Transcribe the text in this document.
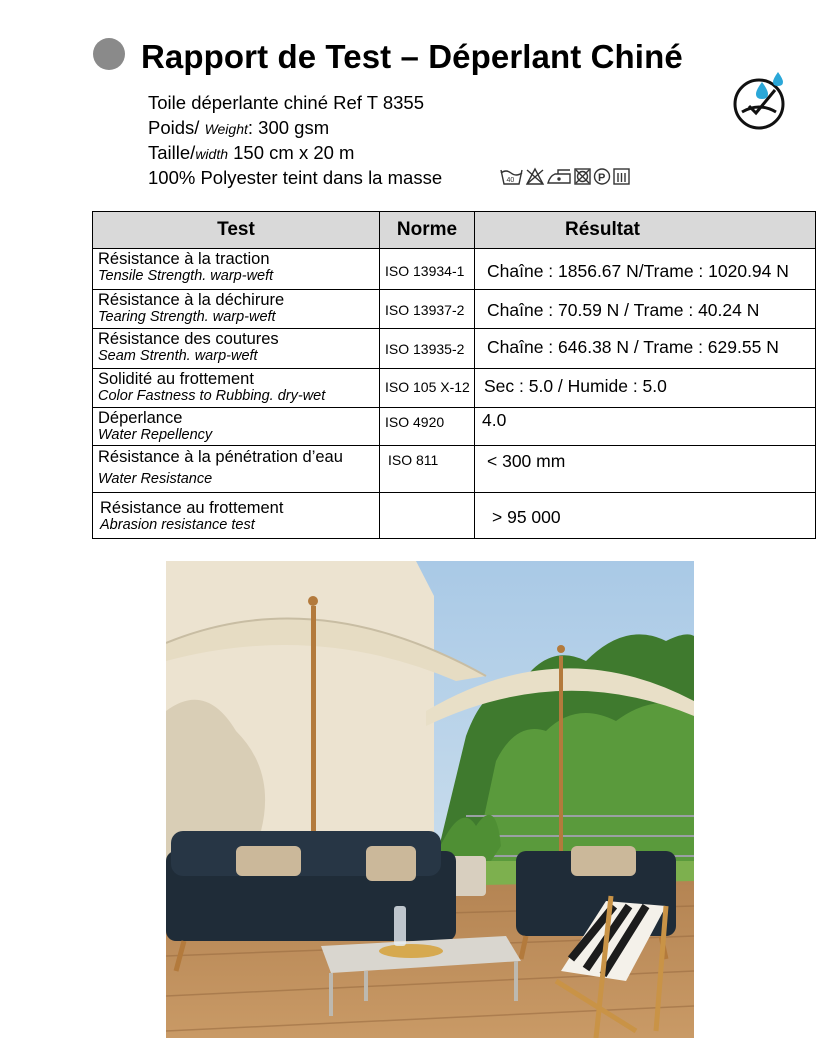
Rapport de Test – Déperlant Chiné
Toile déperlante chiné Ref T 8355
Poids/ Weight: 300 gsm
Taille/width 150 cm x 20 m
100% Polyester teint dans la masse	40	P
Test	Norme	Résultat

Résistance à la traction
Tensile Strength. warp-weft	ISO 13934-1	Chaîne : 1856.67 N/Trame : 1020.94 N

Résistance à la déchirure
Tearing Strength. warp-weft	ISO 13937-2	Chaîne : 70.59 N / Trame : 40.24 N

Résistance des coutures
Seam Strenth. warp-weft	ISO 13935-2	Chaîne : 646.38 N / Trame : 629.55 N

Solidité au frottement
Color Fastness to Rubbing. dry-wet	ISO 105 X-12	Sec : 5.0 / Humide : 5.0

Déperlance
Water Repellency	ISO 4920	4.0

Résistance à la pénétration d’eau
Water Resistance	ISO 811	< 300 mm

Résistance au frottement
Abrasion resistance test		> 95 000
